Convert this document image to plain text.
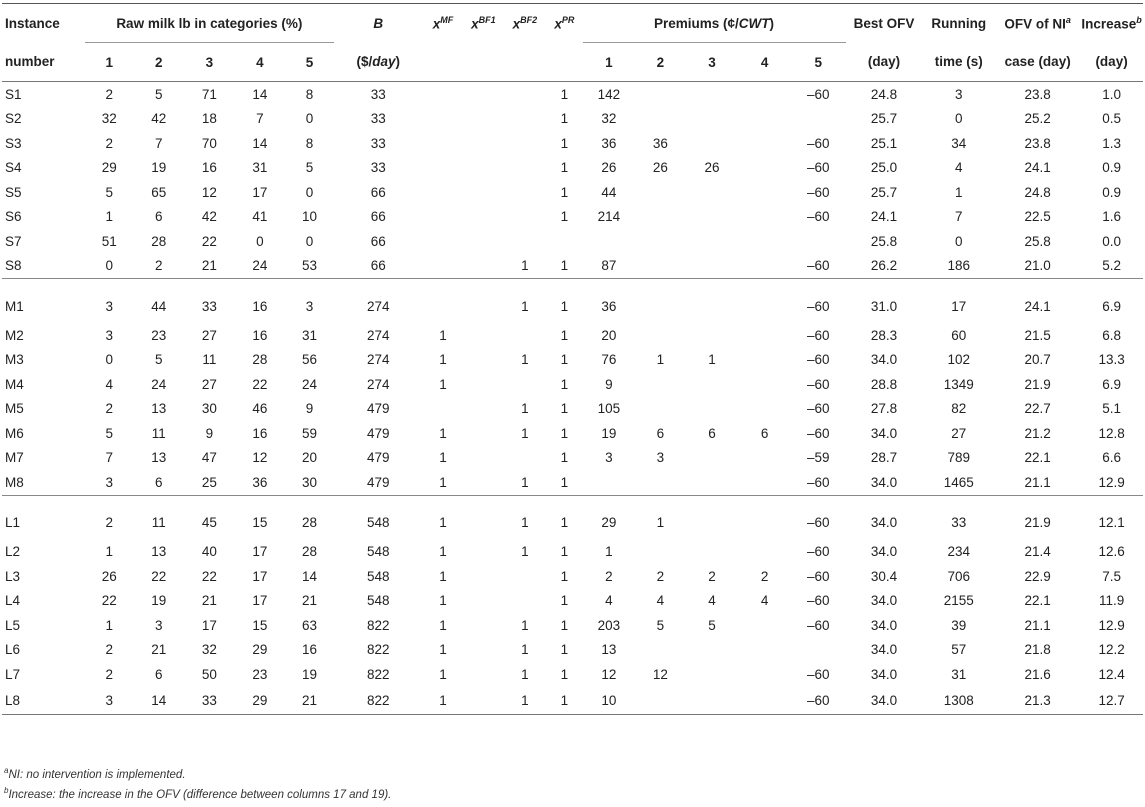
Instance	Raw milk lb in categories (%)					B	$x^{MF}$	$x^{BF1}$	$x^{BF2}$	$x^{PR}$	Premiums (¢/CWT)					Best OFV	Running	OFV of $NI^a$	Increase$^b$
number	1	2	3	4	5	($/day)					1	2	3	4	5	(day)	time (s)	case (day)	(day)
S1	2	5	71	14	8	33				1	142				–60	24.8	3	23.8	1.0
S2	32	42	18	7	0	33				1	32					25.7	0	25.2	0.5
S3	2	7	70	14	8	33				1	36	36			–60	25.1	34	23.8	1.3
S4	29	19	16	31	5	33				1	26	26	26		–60	25.0	4	24.1	0.9
S5	5	65	12	17	0	66				1	44				–60	25.7	1	24.8	0.9
S6	1	6	42	41	10	66				1	214				–60	24.1	7	22.5	1.6
S7	51	28	22	0	0	66										25.8	0	25.8	0.0
S8	0	2	21	24	53	66			1	1	87				–60	26.2	186	21.0	5.2
M1	3	44	33	16	3	274			1	1	36				–60	31.0	17	24.1	6.9
M2	3	23	27	16	31	274	1			1	20				–60	28.3	60	21.5	6.8
M3	0	5	11	28	56	274	1		1	1	76	1	1		–60	34.0	102	20.7	13.3
M4	4	24	27	22	24	274	1			1	9				–60	28.8	1349	21.9	6.9
M5	2	13	30	46	9	479			1	1	105				–60	27.8	82	22.7	5.1
M6	5	11	9	16	59	479	1		1	1	19	6	6	6	–60	34.0	27	21.2	12.8
M7	7	13	47	12	20	479	1			1	3	3			–59	28.7	789	22.1	6.6
M8	3	6	25	36	30	479	1		1	1					–60	34.0	1465	21.1	12.9
L1	2	11	45	15	28	548	1		1	1	29	1			–60	34.0	33	21.9	12.1
L2	1	13	40	17	28	548	1		1	1	1				–60	34.0	234	21.4	12.6
L3	26	22	22	17	14	548	1			1	2	2	2	2	–60	30.4	706	22.9	7.5
L4	22	19	21	17	21	548	1			1	4	4	4	4	–60	34.0	2155	22.1	11.9
L5	1	3	17	15	63	822	1		1	1	203	5	5		–60	34.0	39	21.1	12.9
L6	2	21	32	29	16	822	1		1	1	13					34.0	57	21.8	12.2
L7	2	6	50	23	19	822	1		1	1	12	12			–60	34.0	31	21.6	12.4
L8	3	14	33	29	21	822	1		1	1	10				–60	34.0	1308	21.3	12.7
$^a$NI: no intervention is implemented.
$^b$Increase: the increase in the OFV (difference between columns 17 and 19).
